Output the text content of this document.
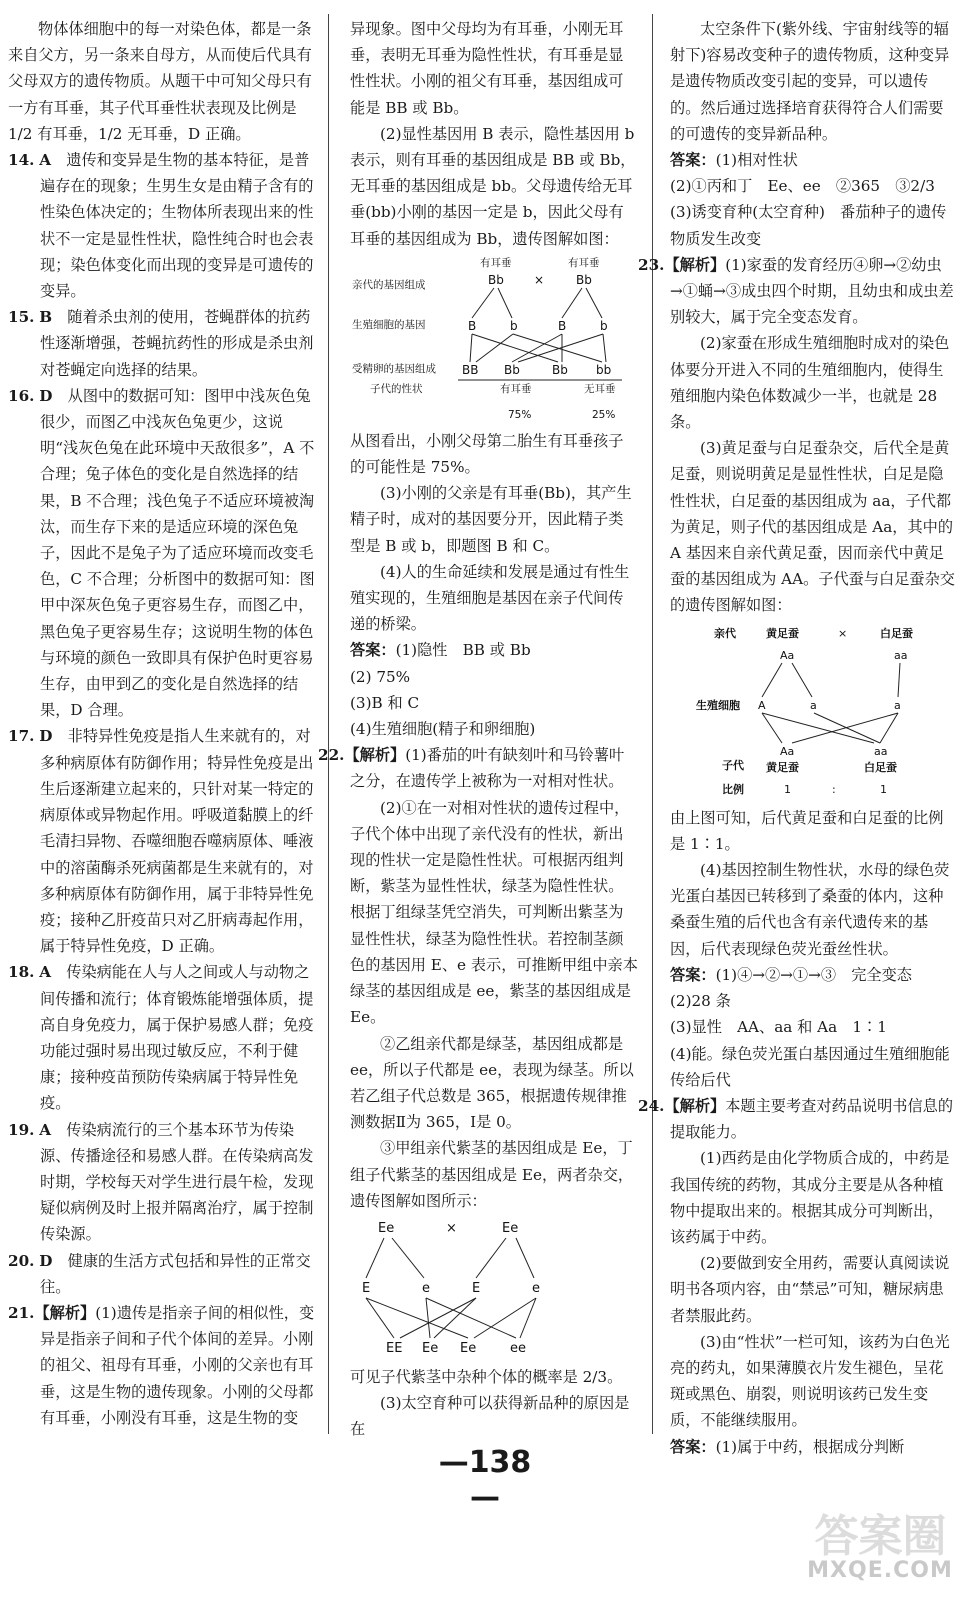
物体体细胞中的每一对染色体，都是一条来自父方，另一条来自母方，从而使后代具有父母双方的遗传物质。从题干中可知父母只有一方有耳垂，其子代耳垂性状表现及比例是 1/2 有耳垂，1/2 无耳垂，D 正确。

14. A　 遗传和变异是生物的基本特征，是普遍存在的现象；生男生女是由精子含有的性染色体决定的；生物体所表现出来的性状不一定是显性性状，隐性纯合时也会表现；染色体变化而出现的变异是可遗传的变异。

15. B　 随着杀虫剂的使用，苍蝇群体的抗药性逐渐增强，苍蝇抗药性的形成是杀虫剂对苍蝇定向选择的结果。

16. D　 从图中的数据可知：图甲中浅灰色兔很少，而图乙中浅灰色兔更少，这说明“浅灰色兔在此环境中天敌很多”，A 不合理；兔子体色的变化是自然选择的结果，B 不合理；浅色兔子不适应环境被淘汰，而生存下来的是适应环境的深色兔子，因此不是兔子为了适应环境而改变毛色，C 不合理；分析图中的数据可知：图甲中深灰色兔子更容易生存，而图乙中，黑色兔子更容易生存；这说明生物的体色与环境的颜色一致即具有保护色时更容易生存，由甲到乙的变化是自然选择的结果，D 合理。

17. D　 非特异性免疫是指人生来就有的，对多种病原体有防御作用；特异性免疫是出生后逐渐建立起来的，只针对某一特定的病原体或异物起作用。呼吸道黏膜上的纤毛清扫异物、吞噬细胞吞噬病原体、唾液中的溶菌酶杀死病菌都是生来就有的，对多种病原体有防御作用，属于非特异性免疫；接种乙肝疫苗只对乙肝病毒起作用，属于特异性免疫，D 正确。

18. A　 传染病能在人与人之间或人与动物之间传播和流行；体育锻炼能增强体质，提高自身免疫力，属于保护易感人群；免疫功能过强时易出现过敏反应，不利于健康；接种疫苗预防传染病属于特异性免疫。

19. A　 传染病流行的三个基本环节为传染源、传播途径和易感人群。在传染病高发时期，学校每天对学生进行晨午检，发现疑似病例及时上报并隔离治疗，属于控制传染源。

20. D　 健康的生活方式包括和异性的正常交往。

21.【解析】(1)遗传是指亲子间的相似性，变异是指亲子间和子代个体间的差异。小刚的祖父、祖母有耳垂，小刚的父亲也有耳垂，这是生物的遗传现象。小刚的父母都有耳垂，小刚没有耳垂，这是生物的变

异现象。图中父母均为有耳垂，小刚无耳垂，表明无耳垂为隐性性状，有耳垂是显性性状。小刚的祖父有耳垂，基因组成可能是 BB 或 Bb。

(2)显性基因用 B 表示，隐性基因用 b 表示，则有耳垂的基因组成是 BB 或 Bb，无耳垂的基因组成是 bb。父母遗传给无耳垂(bb)小刚的基因一定是 b，因此父母有耳垂的基因组成为 Bb，遗传图解如图：

亲代的基因组成
生殖细胞的基因
受精卵的基因组成
子代的性状
有耳垂	有耳垂
Bb	Bb
×
B	b	B	b
BB Bb	Bb bb
有耳垂	无耳垂
75%	25%

从图看出，小刚父母第二胎生有耳垂孩子的可能性是 75%。

(3)小刚的父亲是有耳垂(Bb)，其产生精子时，成对的基因要分开，因此精子类型是 B 或 b，即题图 B 和 C。

(4)人的生命延续和发展是通过有性生殖实现的，生殖细胞是基因在亲子代间传递的桥梁。

答案：(1)隐性　BB 或 Bb

(2) 75%

(3)B 和 C

(4)生殖细胞(精子和卵细胞)

22.【解析】(1)番茄的叶有缺刻叶和马铃薯叶之分，在遗传学上被称为一对相对性状。

(2)①在一对相对性状的遗传过程中，子代个体中出现了亲代没有的性状，新出现的性状一定是隐性性状。可根据丙组判断，紫茎为显性性状，绿茎为隐性性状。根据丁组绿茎凭空消失，可判断出紫茎为显性性状，绿茎为隐性性状。若控制茎颜色的基因用 E、e 表示，可推断甲组中亲本绿茎的基因组成是 ee，紫茎的基因组成是 Ee。

②乙组亲代都是绿茎，基因组成都是 ee，所以子代都是 ee，表现为绿茎。所以若乙组子代总数是 365，根据遗传规律推测数据Ⅱ为 365，Ⅰ是 0。

③甲组亲代紫茎的基因组成是 Ee，丁组子代紫茎的基因组成是 Ee，两者杂交，遗传图解如图所示：

Ee	×	Ee
E	e	E	e
EE Ee Ee	ee

可见子代紫茎中杂种个体的概率是 2/3。

(3)太空育种可以获得新品种的原因是在

太空条件下(紫外线、宇宙射线等的辐射下)容易改变种子的遗传物质，这种变异是遗传物质改变引起的变异，可以遗传的。然后通过选择培育获得符合人们需要的可遗传的变异新品种。

答案：(1)相对性状

(2)①丙和丁　Ee、ee　②365　③2/3

(3)诱变育种(太空育种)　番茄种子的遗传物质发生改变

23.【解析】(1)家蚕的发育经历④卵→②幼虫→①蛹→③成虫四个时期，且幼虫和成虫差别较大，属于完全变态发育。

(2)家蚕在形成生殖细胞时成对的染色体要分开进入不同的生殖细胞内，使得生殖细胞内染色体数减少一半，也就是 28 条。

(3)黄足蚕与白足蚕杂交，后代全是黄足蚕，则说明黄足是显性性状，白足是隐性性状，白足蚕的基因组成为 aa，子代都为黄足，则子代的基因组成是 Aa，其中的 A 基因来自亲代黄足蚕，因而亲代中黄足蚕的基因组成为 AA。子代蚕与白足蚕杂交的遗传图解如图：

亲代
生殖细胞
子代
比例
黄足蚕	×	白足蚕
Aa	aa
A	a	a
Aa	aa
黄足蚕	白足蚕
1	:	1

由上图可知，后代黄足蚕和白足蚕的比例是 1∶1。

(4)基因控制生物性状，水母的绿色荧光蛋白基因已转移到了桑蚕的体内，这种桑蚕生殖的后代也含有亲代遗传来的基因，后代表现绿色荧光蚕丝性状。

答案：(1)④→②→①→③　完全变态

(2)28 条

(3)显性　AA、aa 和 Aa　1∶1

(4)能。绿色荧光蛋白基因通过生殖细胞能传给后代

24.【解析】本题主要考查对药品说明书信息的提取能力。

(1)西药是由化学物质合成的，中药是我国传统的药物，其成分主要是从各种植物中提取出来的。根据其成分可判断出，该药属于中药。

(2)要做到安全用药，需要认真阅读说明书各项内容，由“禁忌”可知，糖尿病患者禁服此药。

(3)由“性状”一栏可知，该药为白色光亮的药丸，如果薄膜衣片发生褪色，呈花斑或黑色、崩裂，则说明该药已发生变质，不能继续服用。

答案：(1)属于中药，根据成分判断

—138—
答案圈
MXQE.COM
